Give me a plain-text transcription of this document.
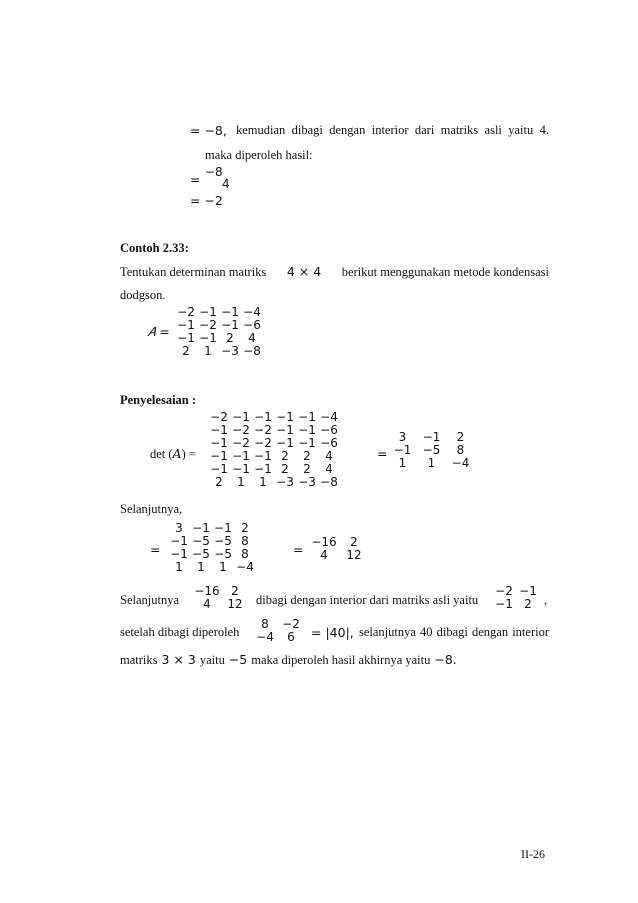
= −8, kemudian dibagi dengan interior dari matriks asli yaitu 4.
maka diperoleh hasil:
= −8
4
= −2
Contoh 2.33:
Tentukan determinan matriks 4 × 4 berikut menggunakan metode kondensasi
dodgson.
𝐴 =
−2 −1 −1 −4
−1 −2 −1 −6
−1 −1 2	4
2	1 −3 −8
Penyelesaian :
det (𝐴) =
−2 −1 −1 −1 −1 −4
−1 −2 −2 −1 −1 −6
−1 −2 −2 −1 −1 −6
−1 −1 −1 2	2	4
−1 −1 −1 2	2	4
2	1	1 −3 −3 −8
=
3	−1	2
−1 −5	8
1	1	−4
Selanjutnya,
=
3 −1 −1 2
−1 −5 −5 8
−1 −5 −5 8
1	1	1 −4
= −16	2
4	12
Selanjutnya
−16 2
4	12	dibagi dengan interior dari matriks asli yaitu
−2 −1
−1 2 ,
setelah dibagi diperoleh
8	−2
−4	6	= |40|, selanjutnya 40 dibagi dengan interior
matriks 3 × 3 yaitu −5 maka diperoleh hasil akhirnya yaitu −8.
II-26
